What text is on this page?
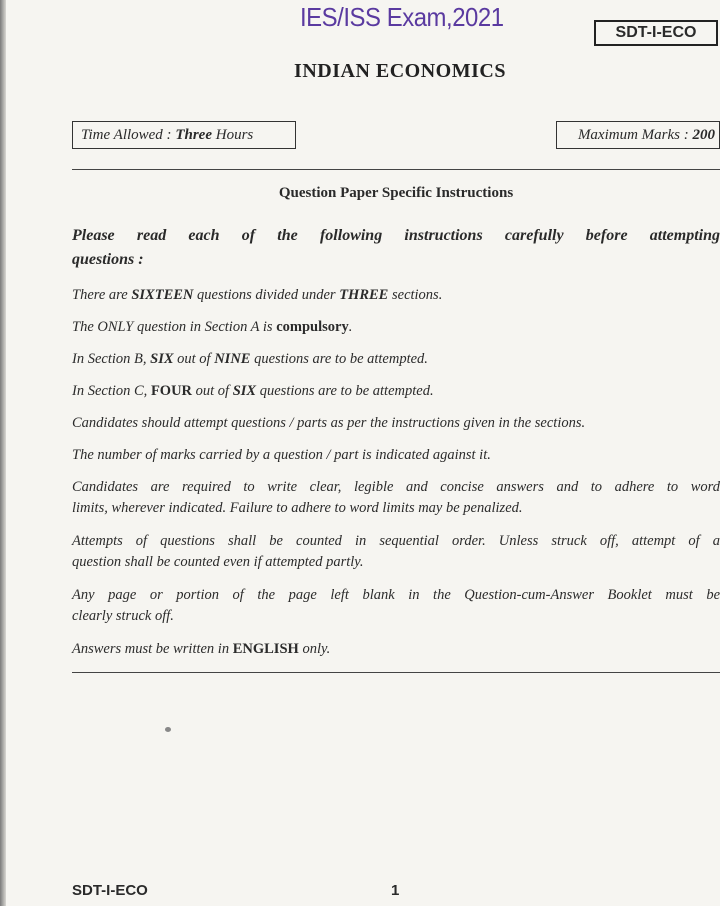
IES/ISS Exam,2021
SDT-I-ECO
INDIAN ECONOMICS
Time Allowed : Three Hours	Maximum Marks : 200
Question Paper Specific Instructions
Please read each of the following instructions carefully before attempting
questions :
There are SIXTEEN questions divided under THREE sections.
The ONLY question in Section A is compulsory.
In Section B, SIX out of NINE questions are to be attempted.
In Section C, FOUR out of SIX questions are to be attempted.
Candidates should attempt questions / parts as per the instructions given in the sections.
The number of marks carried by a question / part is indicated against it.
Candidates are required to write clear, legible and concise answers and to adhere to word
limits, wherever indicated. Failure to adhere to word limits may be penalized.
Attempts of questions shall be counted in sequential order. Unless struck off, attempt of a
question shall be counted even if attempted partly.
Any page or portion of the page left blank in the Question-cum-Answer Booklet must be
clearly struck off.
Answers must be written in ENGLISH only.
SDT-I-ECO	1
